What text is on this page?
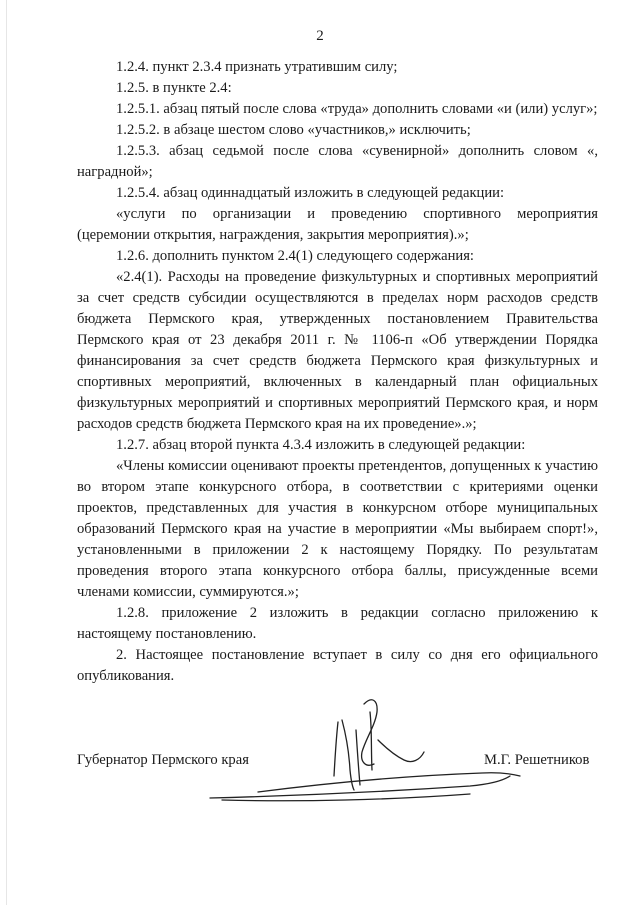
2

1.2.4. пункт 2.3.4 признать утратившим силу;

1.2.5. в пункте 2.4:

1.2.5.1. абзац пятый после слова «труда» дополнить словами «и (или) услуг»;

1.2.5.2. в абзаце шестом слово «участников,» исключить;

1.2.5.3. абзац седьмой после слова «сувенирной» дополнить словом «, наградной»;

1.2.5.4. абзац одиннадцатый изложить в следующей редакции:

«услуги по организации и проведению спортивного мероприятия (церемонии открытия, награждения, закрытия мероприятия).»;

1.2.6. дополнить пунктом 2.4(1) следующего содержания:

«2.4(1). Расходы на проведение физкультурных и спортивных мероприятий за счет средств субсидии осуществляются в пределах норм расходов средств бюджета Пермского края, утвержденных постановлением Правительства Пермского края от 23 декабря 2011 г. № 1106-п «Об утверждении Порядка финансирования за счет средств бюджета Пермского края физкультурных и спортивных мероприятий, включенных в календарный план официальных физкультурных мероприятий и спортивных мероприятий Пермского края, и норм расходов средств бюджета Пермского края на их проведение».»;

1.2.7. абзац второй пункта 4.3.4 изложить в следующей редакции:

«Члены комиссии оценивают проекты претендентов, допущенных к участию во втором этапе конкурсного отбора, в соответствии с критериями оценки проектов, представленных для участия в конкурсном отборе муниципальных образований Пермского края на участие в мероприятии «Мы выбираем спорт!», установленными в приложении 2 к настоящему Порядку. По результатам проведения второго этапа конкурсного отбора баллы, присужденные всеми членами комиссии, суммируются.»;

1.2.8. приложение 2 изложить в редакции согласно приложению к настоящему постановлению.

2. Настоящее постановление вступает в силу со дня его официального опубликования.

Губернатор Пермского края	М.Г. Решетников
